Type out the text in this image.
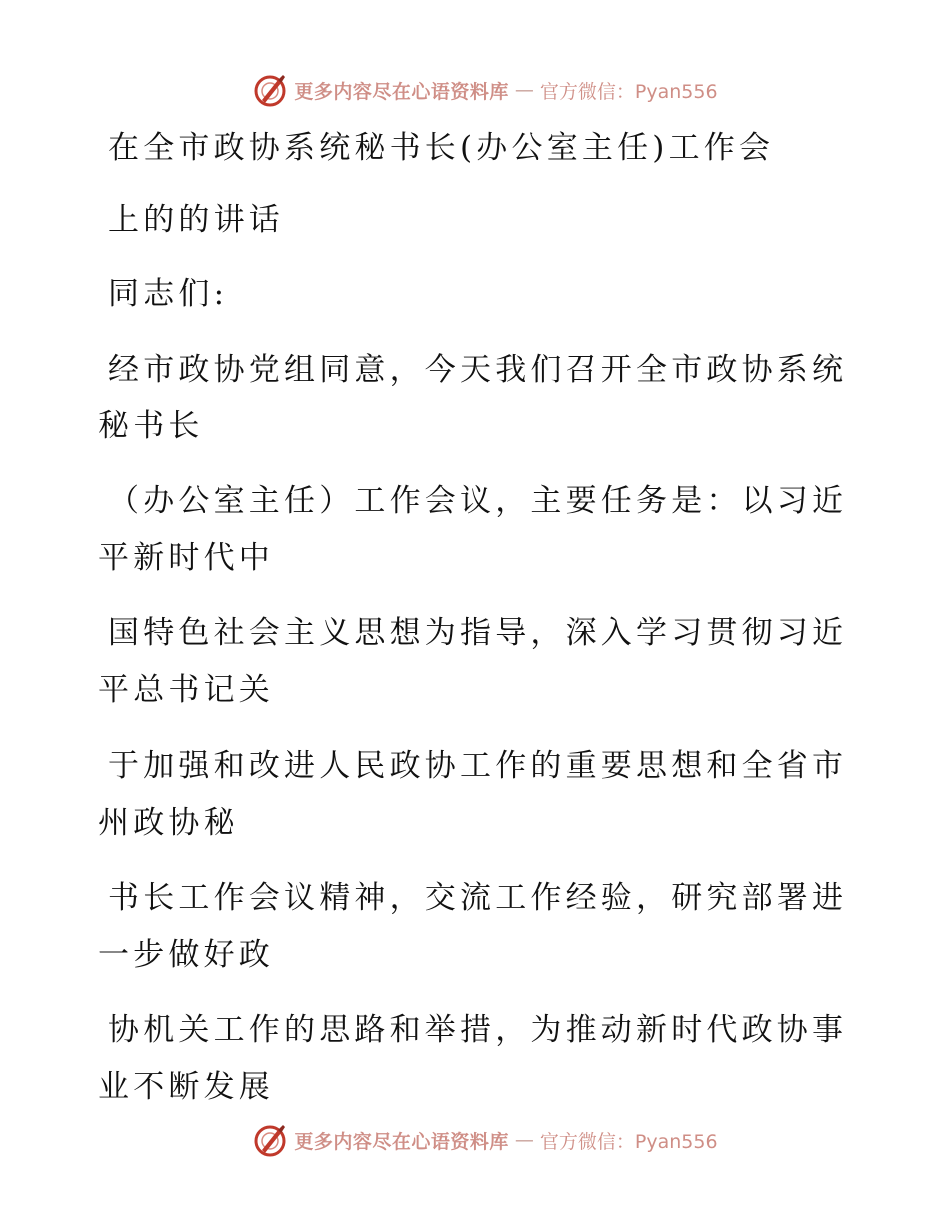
更多内容尽在心语资料库 — 官方微信：Pyan556
在全市政协系统秘书长(办公室主任)工作会
上的的讲话
同志们:
经市政协党组同意，今天我们召开全市政协系统
秘书长
（办公室主任）工作会议，主要任务是：以习近
平新时代中
国特色社会主义思想为指导，深入学习贯彻习近
平总书记关
于加强和改进人民政协工作的重要思想和全省市
州政协秘
书长工作会议精神，交流工作经验，研究部署进
一步做好政
协机关工作的思路和举措，为推动新时代政协事
业不断发展
更多内容尽在心语资料库 — 官方微信：Pyan556
